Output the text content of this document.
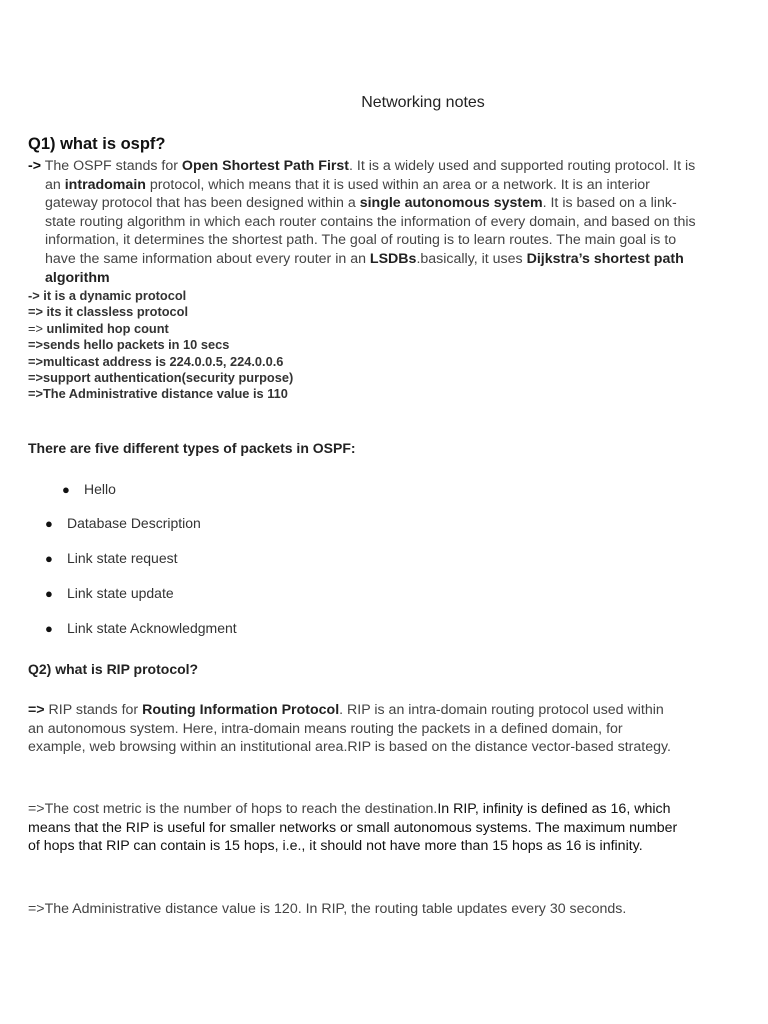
Networking notes
Q1) what is ospf?
-> The OSPF stands for Open Shortest Path First. It is a widely used and supported routing protocol. It is an intradomain protocol, which means that it is used within an area or a network. It is an interior gateway protocol that has been designed within a single autonomous system. It is based on a link-state routing algorithm in which each router contains the information of every domain, and based on this information, it determines the shortest path. The goal of routing is to learn routes. The main goal is to have the same information about every router in an LSDBs.basically, it uses Dijkstra’s shortest path algorithm
-> it is a dynamic protocol
=> its it classless protocol
=> unlimited hop count
=>sends hello packets in 10 secs
=>multicast address is 224.0.0.5, 224.0.0.6
=>support authentication(security purpose)
=>The Administrative distance value is 110
There are five different types of packets in OSPF:
● Hello
● Database Description
● Link state request
● Link state update
● Link state Acknowledgment
Q2) what is RIP protocol?
=> RIP stands for Routing Information Protocol. RIP is an intra-domain routing protocol used within an autonomous system. Here, intra-domain means routing the packets in a defined domain, for example, web browsing within an institutional area.RIP is based on the distance vector-based strategy.
=>The cost metric is the number of hops to reach the destination.In RIP, infinity is defined as 16, which means that the RIP is useful for smaller networks or small autonomous systems. The maximum number of hops that RIP can contain is 15 hops, i.e., it should not have more than 15 hops as 16 is infinity.
=>The Administrative distance value is 120. In RIP, the routing table updates every 30 seconds.
